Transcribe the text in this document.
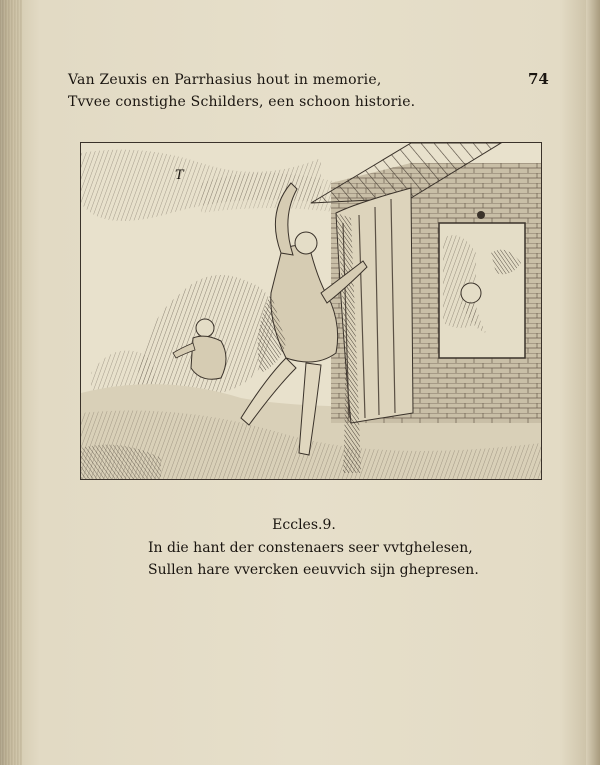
Van Zeuxis en Parrhasius hout in memorie,
Tvvee constighe Schilders, een schoon historie.
74
T
Eccles.9.
In die hant der constenaers seer vvtghelesen,
Sullen hare vvercken eeuvvich sijn ghepresen.
